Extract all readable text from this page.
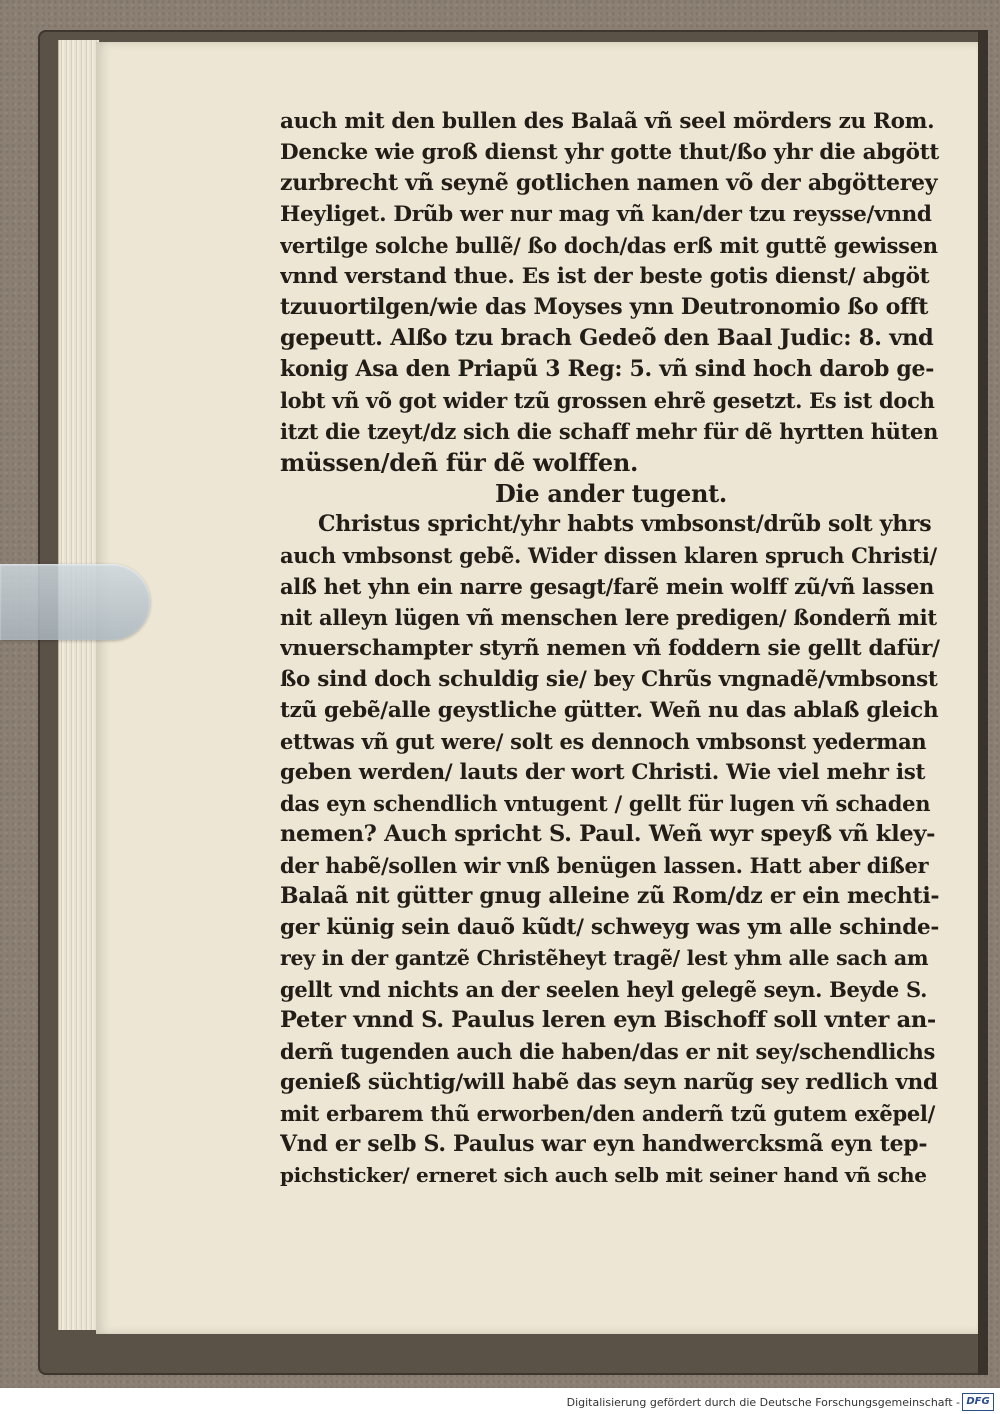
auch mit den bullen des Balaã vñ seel mörders zu Rom.
Dencke wie groß dienst yhr gotte thut/ßo yhr die abgött
zurbrecht vñ seynẽ gotlichen namen võ der abgötterey
Heyliget. Drũb wer nur mag vñ kan/der tzu reysse/vnnd
vertilge solche bullẽ/ ßo doch/das erß mit guttẽ gewissen
vnnd verstand thue. Es ist der beste gotis dienst/ abgöt
tzuuortilgen/wie das Moyses ynn Deutronomio ßo offt
gepeutt. Alßo tzu brach Gedeõ den Baal Judic: 8. vnd
konig Asa den Priapũ 3 Reg: 5. vñ sind hoch darob ge-
lobt vñ võ got wider tzũ grossen ehrẽ gesetzt. Es ist doch
itzt die tzeyt/dz sich die schaff mehr für dẽ hyrtten hüten
müssen/deñ für dẽ wolffen.
Die ander tugent.
Christus spricht/yhr habts vmbsonst/drũb solt yhrs
auch vmbsonst gebẽ. Wider dissen klaren spruch Christi/
alß het yhn ein narre gesagt/farẽ mein wolff zũ/vñ lassen
nit alleyn lügen vñ menschen lere predigen/ ßonderñ mit
vnuerschampter styrñ nemen vñ foddern sie gellt dafür/
ßo sind doch schuldig sie/ bey Chrũs vngnadẽ/vmbsonst
tzũ gebẽ/alle geystliche gütter. Weñ nu das ablaß gleich
ettwas vñ gut were/ solt es dennoch vmbsonst yederman
geben werden/ lauts der wort Christi. Wie viel mehr ist
das eyn schendlich vntugent / gellt für lugen vñ schaden
nemen? Auch spricht S. Paul. Weñ wyr speyß vñ kley-
der habẽ/sollen wir vnß benügen lassen. Hatt aber dißer
Balaã nit gütter gnug alleine zũ Rom/dz er ein mechti-
ger künig sein dauõ kũdt/ schweyg was ym alle schinde-
rey in der gantzẽ Christẽheyt tragẽ/ lest yhm alle sach am
gellt vnd nichts an der seelen heyl gelegẽ seyn. Beyde S.
Peter vnnd S. Paulus leren eyn Bischoff soll vnter an-
derñ tugenden auch die haben/das er nit sey/schendlichs
genieß süchtig/will habẽ das seyn narũg sey redlich vnd
mit erbarem thũ erworben/den anderñ tzũ gutem exẽpel/
Vnd er selb S. Paulus war eyn handwercksmã eyn tep-
pichsticker/ erneret sich auch selb mit seiner hand vñ sche
Digitalisierung gefördert durch die Deutsche Forschungsgemeinschaft - DFG
